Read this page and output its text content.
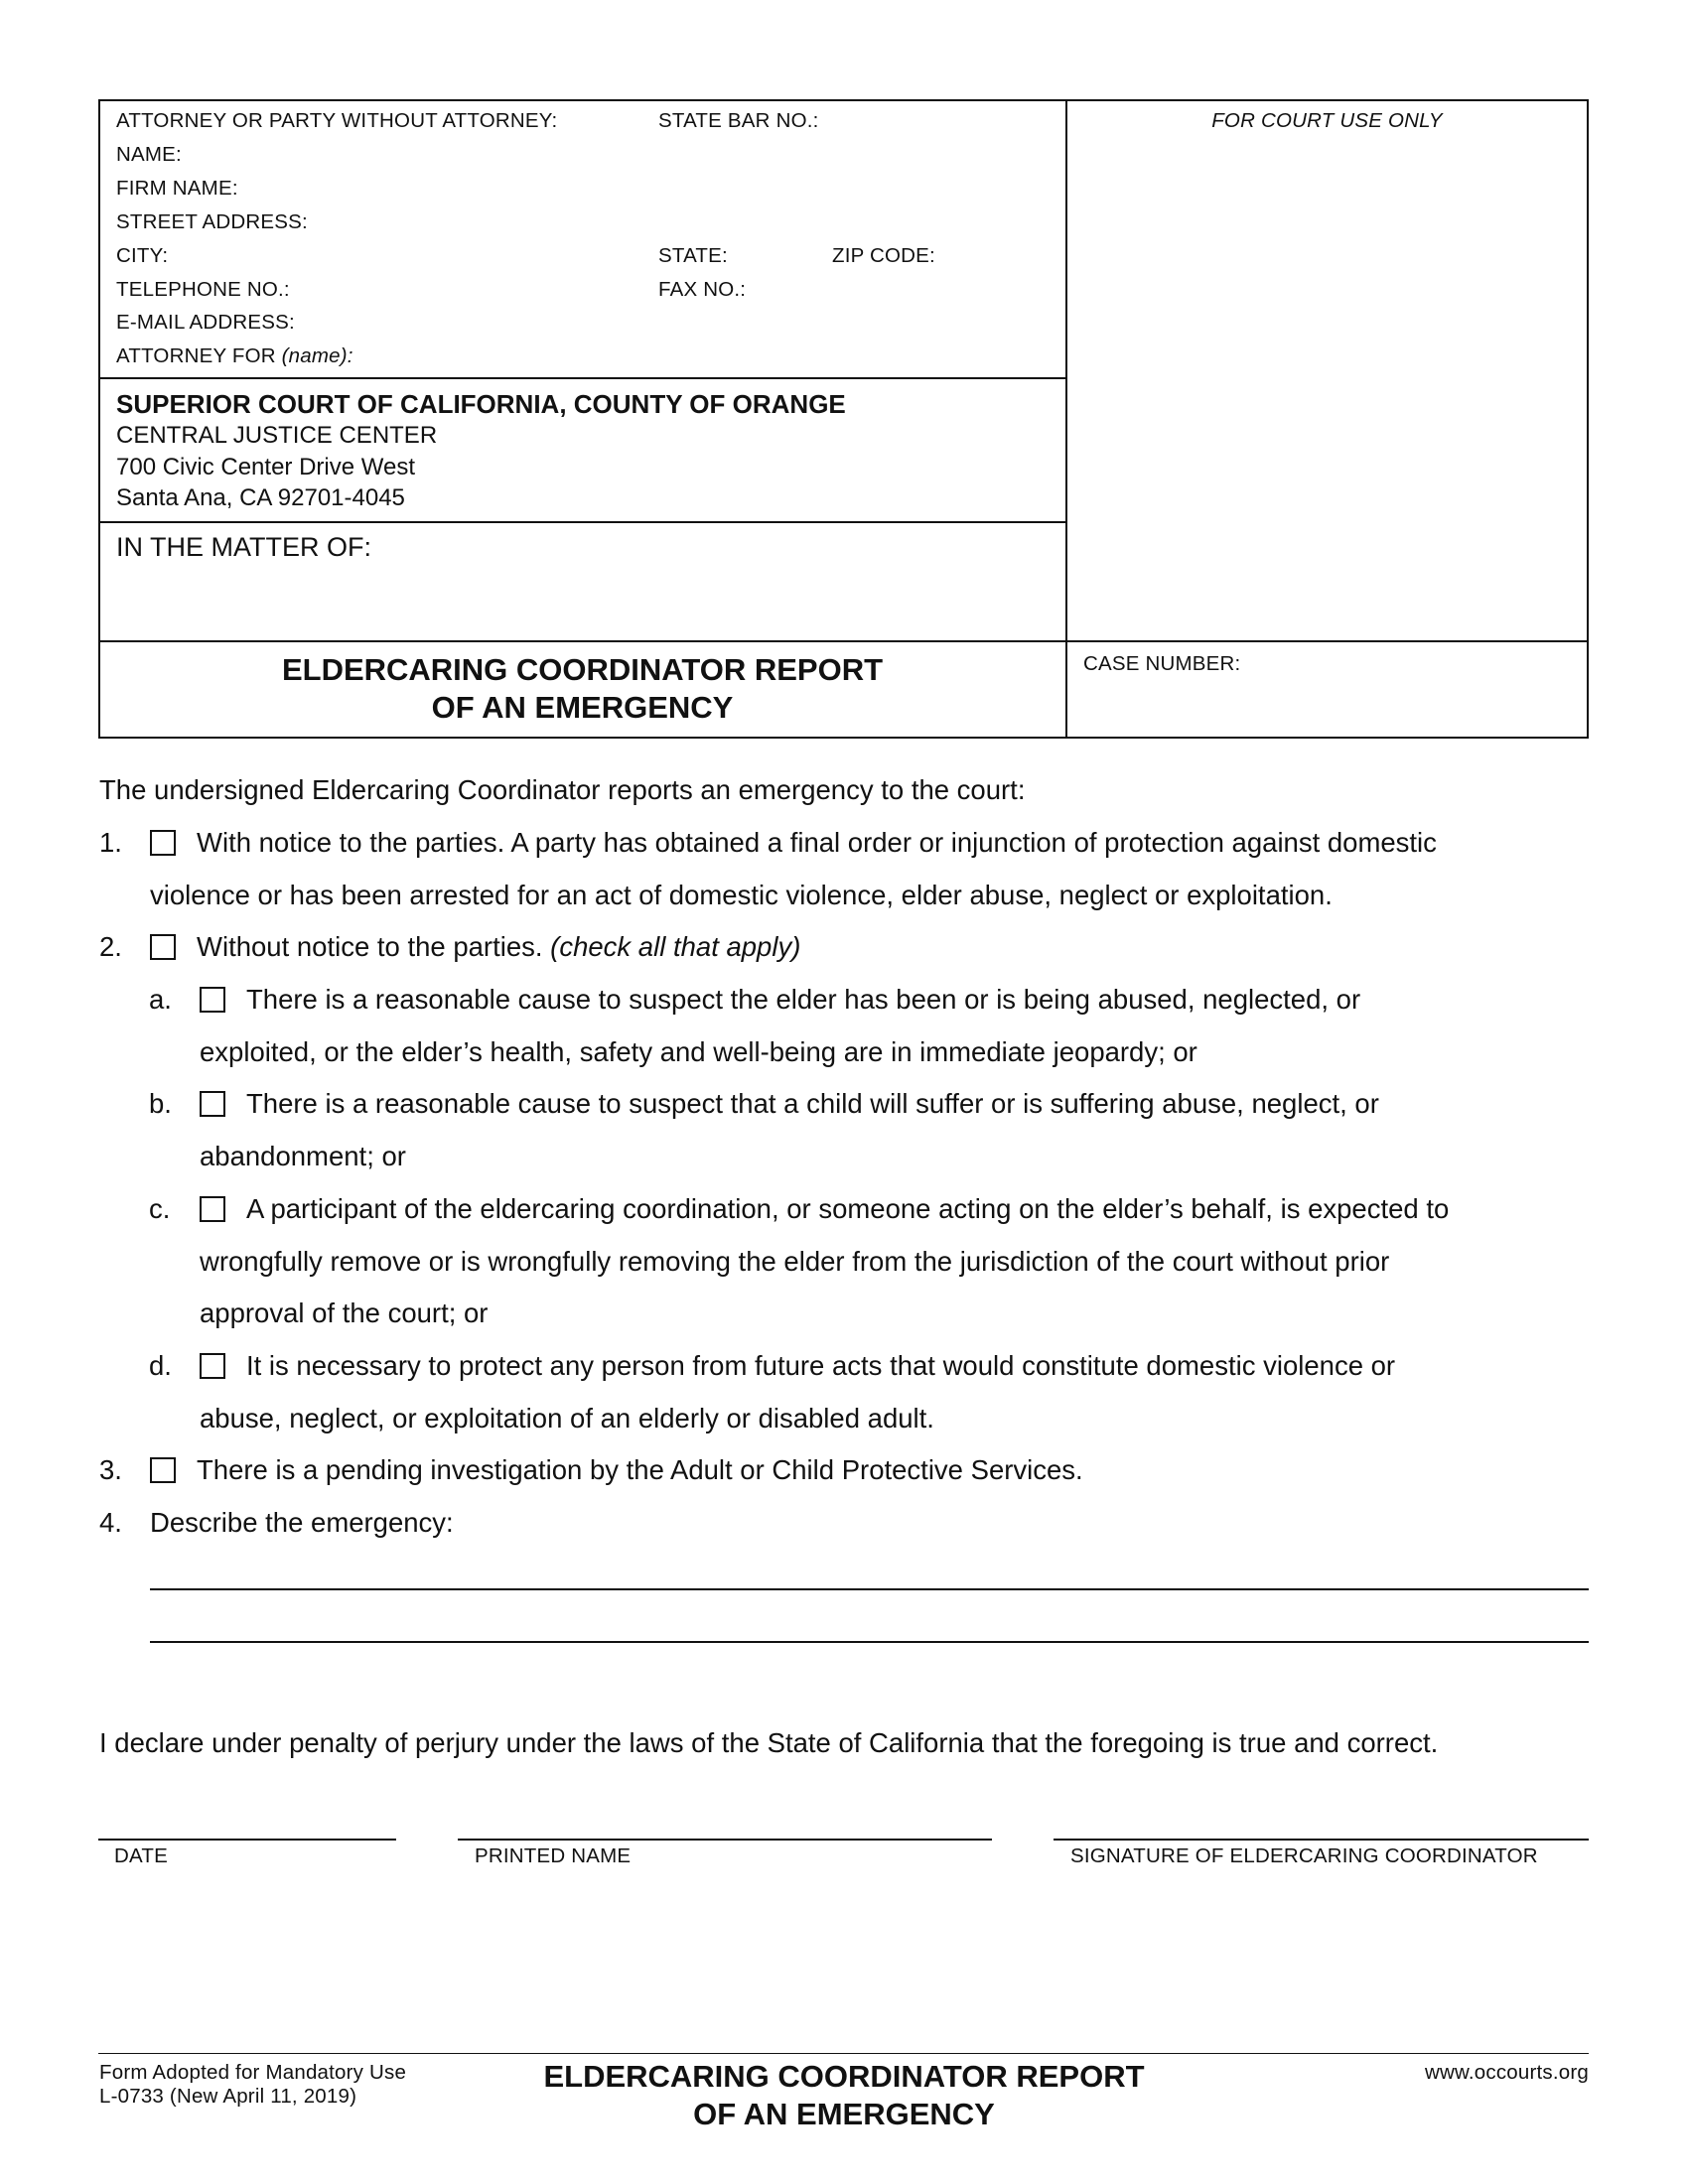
ATTORNEY OR PARTY WITHOUT ATTORNEY:	STATE BAR NO.:
NAME:
FIRM NAME:
STREET ADDRESS:
CITY:	STATE:	ZIP CODE:
TELEPHONE NO.:	FAX NO.:
E-MAIL ADDRESS:
ATTORNEY FOR (name):
FOR COURT USE ONLY
SUPERIOR COURT OF CALIFORNIA, COUNTY OF ORANGE
CENTRAL JUSTICE CENTER
700 Civic Center Drive West
Santa Ana, CA 92701-4045
IN THE MATTER OF:
ELDERCARING COORDINATOR REPORT
OF AN EMERGENCY
CASE NUMBER:
The undersigned Eldercaring Coordinator reports an emergency to the court:
1.	With notice to the parties. A party has obtained a final order or injunction of protection against domestic
violence or has been arrested for an act of domestic violence, elder abuse, neglect or exploitation.
2.	Without notice to the parties. (check all that apply)
a.	There is a reasonable cause to suspect the elder has been or is being abused, neglected, or
exploited, or the elder’s health, safety and well-being are in immediate jeopardy; or
b.	There is a reasonable cause to suspect that a child will suffer or is suffering abuse, neglect, or
abandonment; or
c.	A participant of the eldercaring coordination, or someone acting on the elder’s behalf, is expected to
wrongfully remove or is wrongfully removing the elder from the jurisdiction of the court without prior
approval of the court; or
d.	It is necessary to protect any person from future acts that would constitute domestic violence or
abuse, neglect, or exploitation of an elderly or disabled adult.
3.	There is a pending investigation by the Adult or Child Protective Services.
4. Describe the emergency:
I declare under penalty of perjury under the laws of the State of California that the foregoing is true and correct.
DATE	PRINTED NAME	SIGNATURE OF ELDERCARING COORDINATOR
Form Adopted for Mandatory Use
L-0733 (New April 11, 2019)
ELDERCARING COORDINATOR REPORT
OF AN EMERGENCY
www.occourts.org
